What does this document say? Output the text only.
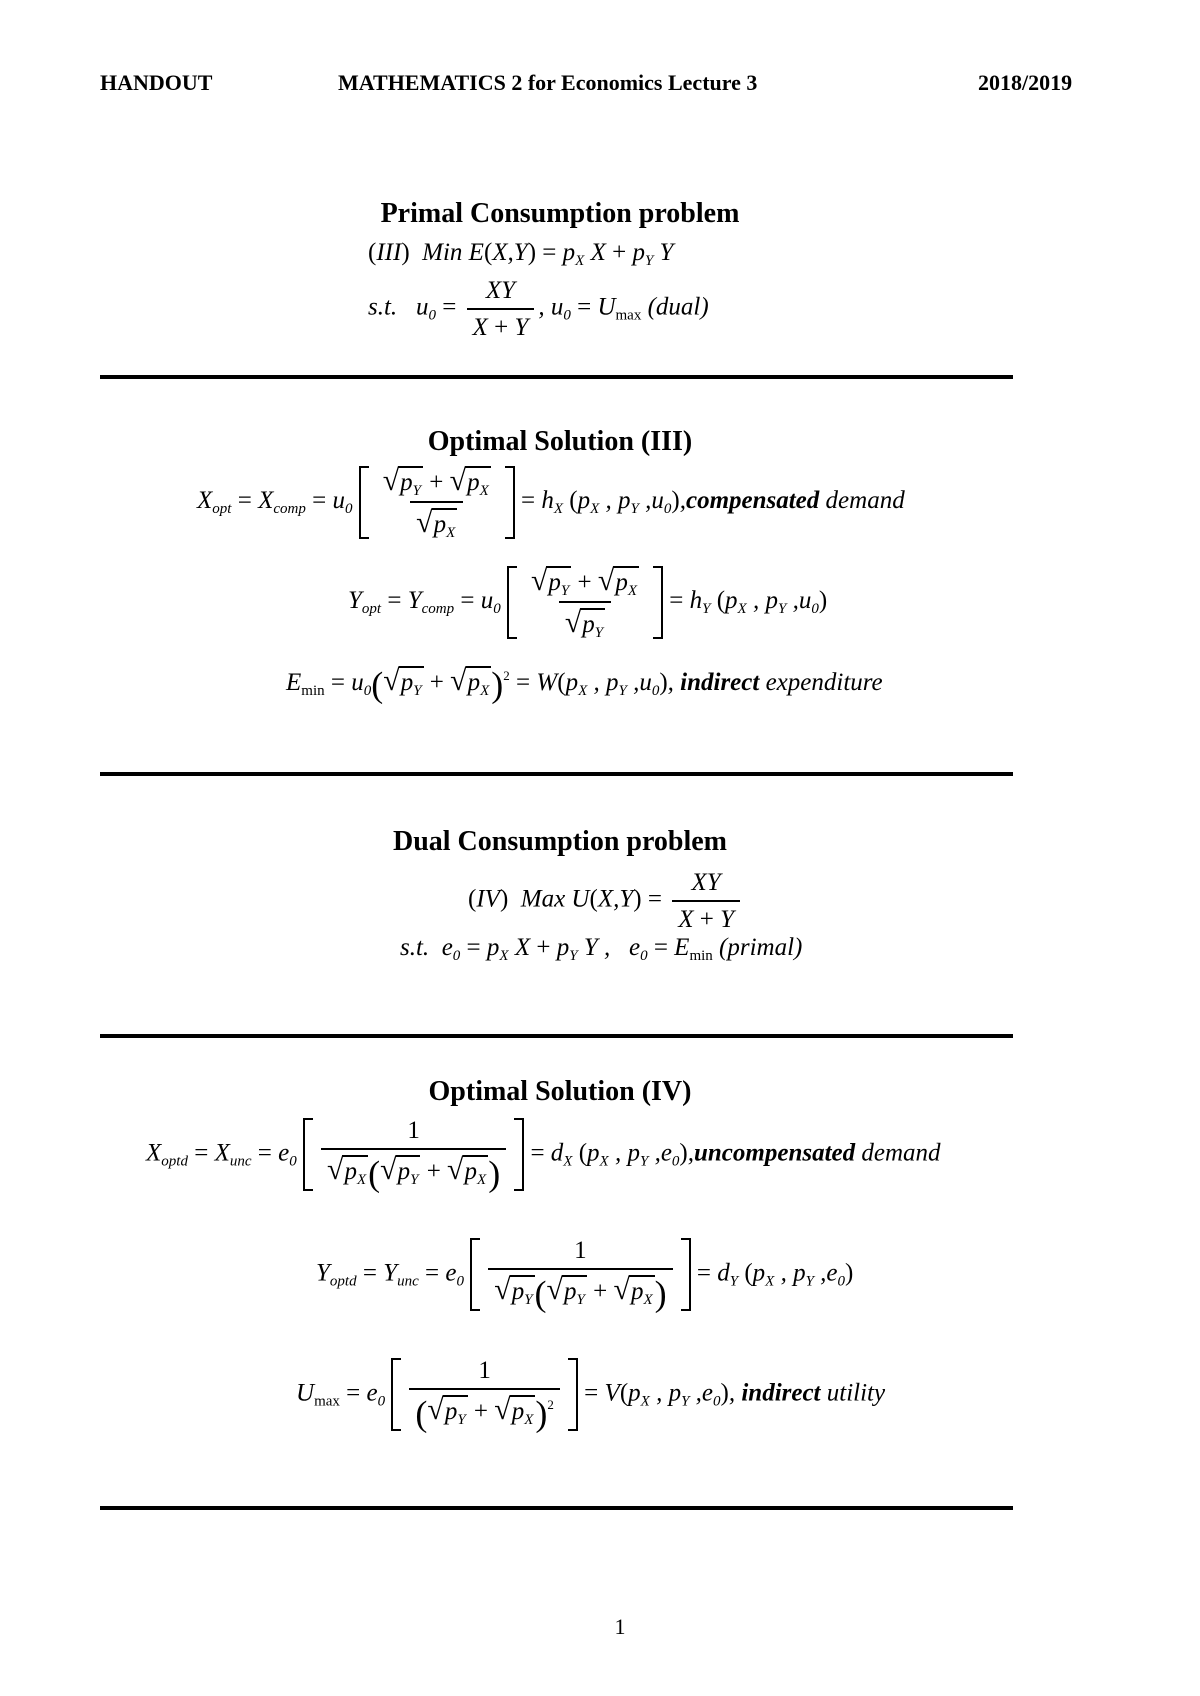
HANDOUT	MATHEMATICS 2 for Economics Lecture 3	2018/2019
Primal Consumption problem
(III)  Min $E(X,Y) = p_X$ $X + p_Y$ Y
s.t.   $u_0 = \frac{XY}{X + Y}$ , $u_0 = U_{max}$ (dual)
Optimal Solution (III)
$X_{opt} = X_{comp} = u_0 \frac{√ p_Y + √ p_X}{√ p_X} = h_X$ ($p_X$ , $p_Y$ $,u_0),compensated$ demand
$Y_{opt} = Y_{comp} = u_0 \frac{√ p_Y + √ p_X}{√ p_Y} = h_Y$ ($p_X$ , $p_Y$ $,u_0$)
$E_{min} = u_0$( √ $p_Y$ + √ $p_X$ )$^2 = W(p_X$ , $p_Y$ $,u_0$), indirect expenditure
Dual Consumption problem
(IV)  Max $U(X,Y) = \frac{XY}{X + Y}$
s.t.  $e_0 = p_X$ $X + p_Y$ Y ,   $e_0 = E_{min}$ (primal)
Optimal Solution (IV)
$X_{optd} = X_{unc} = e_0 \frac{1}{√ p_X ( √ p_Y + √ p_X )} = d_X$ ($p_X$ , $p_Y$ $,e_0),uncompensated$ demand
$Y_{optd} = Y_{unc} = e_0 \frac{1}{√ p_Y ( √ p_Y + √ p_X )} = d_Y$ ($p_X$ , $p_Y$ $,e_0$)
$U_{max} = e_0 \frac{1}{( √ p_Y + √ p_X )^2} = V(p_X$ , $p_Y$ $,e_0$), indirect utility
1
